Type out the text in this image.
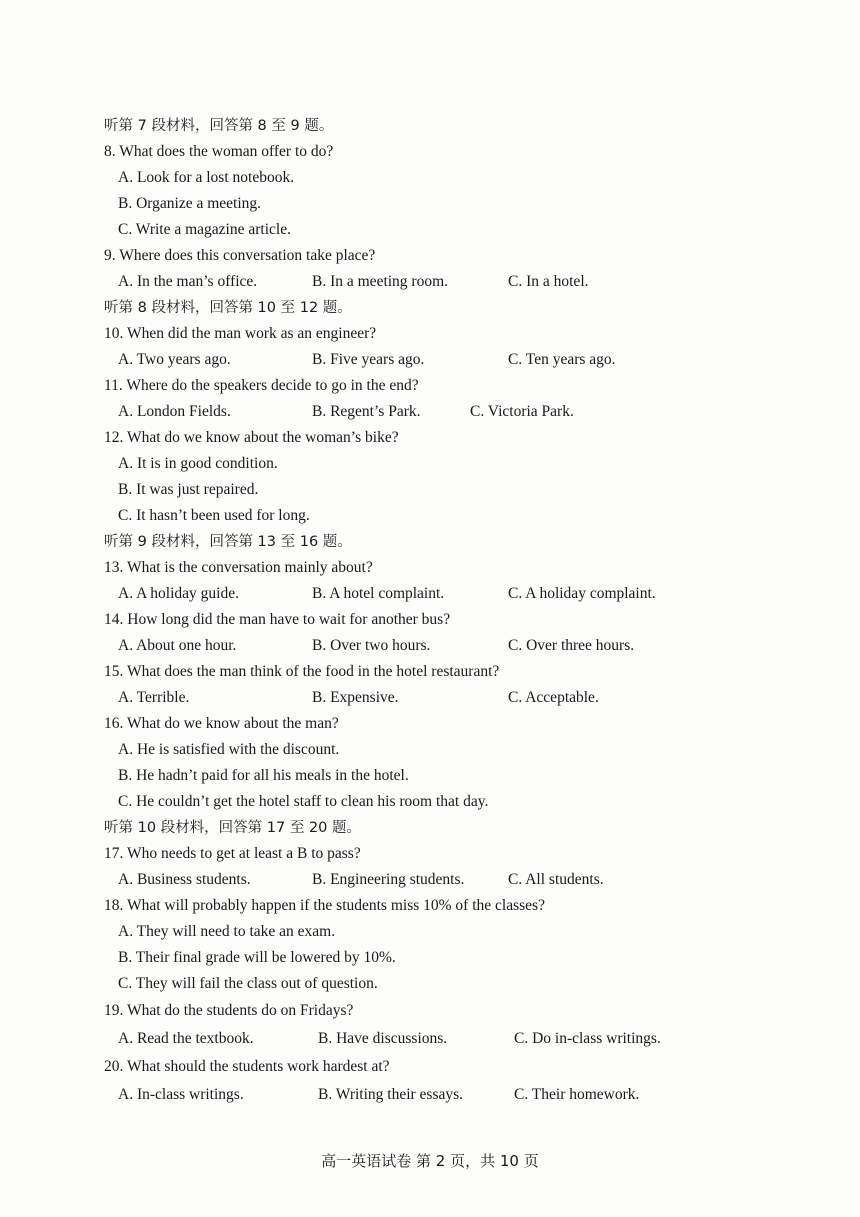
听第 7 段材料，回答第 8 至 9 题。
8. What does the woman offer to do?
A. Look for a lost notebook.
B. Organize a meeting.
C. Write a magazine article.
9. Where does this conversation take place?
A. In the man’s office.	B. In a meeting room.	C. In a hotel.
听第 8 段材料，回答第 10 至 12 题。
10. When did the man work as an engineer?
A. Two years ago.	B. Five years ago.	C. Ten years ago.
11. Where do the speakers decide to go in the end?
A. London Fields.	B. Regent’s Park.	C. Victoria Park.
12. What do we know about the woman’s bike?
A. It is in good condition.
B. It was just repaired.
C. It hasn’t been used for long.
听第 9 段材料，回答第 13 至 16 题。
13. What is the conversation mainly about?
A. A holiday guide.	B. A hotel complaint.	C. A holiday complaint.
14. How long did the man have to wait for another bus?
A. About one hour.	B. Over two hours.	C. Over three hours.
15. What does the man think of the food in the hotel restaurant?
A. Terrible.	B. Expensive.	C. Acceptable.
16. What do we know about the man?
A. He is satisfied with the discount.
B. He hadn’t paid for all his meals in the hotel.
C. He couldn’t get the hotel staff to clean his room that day.
听第 10 段材料，回答第 17 至 20 题。
17. Who needs to get at least a B to pass?
A. Business students.	B. Engineering students.	C. All students.
18. What will probably happen if the students miss 10% of the classes?
A. They will need to take an exam.
B. Their final grade will be lowered by 10%.
C. They will fail the class out of question.
19. What do the students do on Fridays?
A. Read the textbook.	B. Have discussions.	C. Do in-class writings.
20. What should the students work hardest at?
A. In-class writings.	B. Writing their essays.	C. Their homework.
高一英语试卷 第 2 页，共 10 页
